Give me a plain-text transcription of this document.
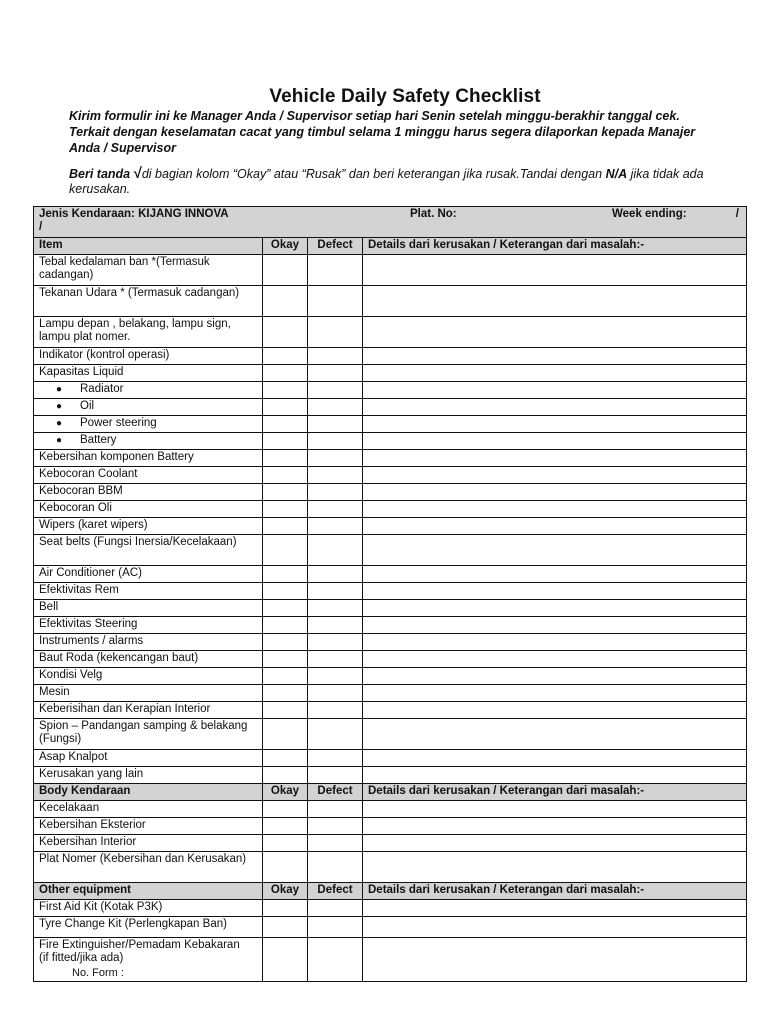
Vehicle Daily Safety Checklist
Kirim formulir ini ke Manager Anda / Supervisor setiap hari Senin setelah minggu-berakhir tanggal cek.
Terkait dengan keselamatan cacat yang timbul selama 1 minggu harus segera dilaporkan kepada Manajer
Anda / Supervisor
Beri tanda √di bagian kolom “Okay” atau “Rusak” dan beri keterangan jika rusak.Tandai dengan N/A jika tidak ada kerusakan.
Jenis Kendaraan: KIJANG INNOVA
/
Plat. No: Week ending: /			

Item	Okay	Defect	Details dari kerusakan / Keterangan dari masalah:-
Tebal kedalaman ban *(Termasuk cadangan)			
Tekanan Udara * (Termasuk cadangan)			
Lampu depan , belakang, lampu sign, lampu plat nomer.			
Indikator (kontrol operasi)			
Kapasitas Liquid			
● Radiator			
● Oil			
● Power steering			
● Battery			
Kebersihan komponen Battery			
Kebocoran Coolant			
Kebocoran BBM			
Kebocoran Oli			
Wipers (karet wipers)			
Seat belts (Fungsi Inersia/Kecelakaan)			
Air Conditioner (AC)			
Efektivitas Rem			
Bell			
Efektivitas Steering			
Instruments / alarms			
Baut Roda (kekencangan baut)			
Kondisi Velg			
Mesin			
Keberisihan dan Kerapian Interior			
Spion – Pandangan samping & belakang (Fungsi)			
Asap Knalpot			
Kerusakan yang lain			
Body Kendaraan	Okay	Defect	Details dari kerusakan / Keterangan dari masalah:-
Kecelakaan			
Kebersihan Eksterior			
Kebersihan Interior			
Plat Nomer (Kebersihan dan Kerusakan)			
Other equipment	Okay	Defect	Details dari kerusakan / Keterangan dari masalah:-
First Aid Kit (Kotak P3K)			
Tyre Change Kit (Perlengkapan Ban)			
Fire Extinguisher/Pemadam Kebakaran
(if fitted/jika ada)			
No. Form :
